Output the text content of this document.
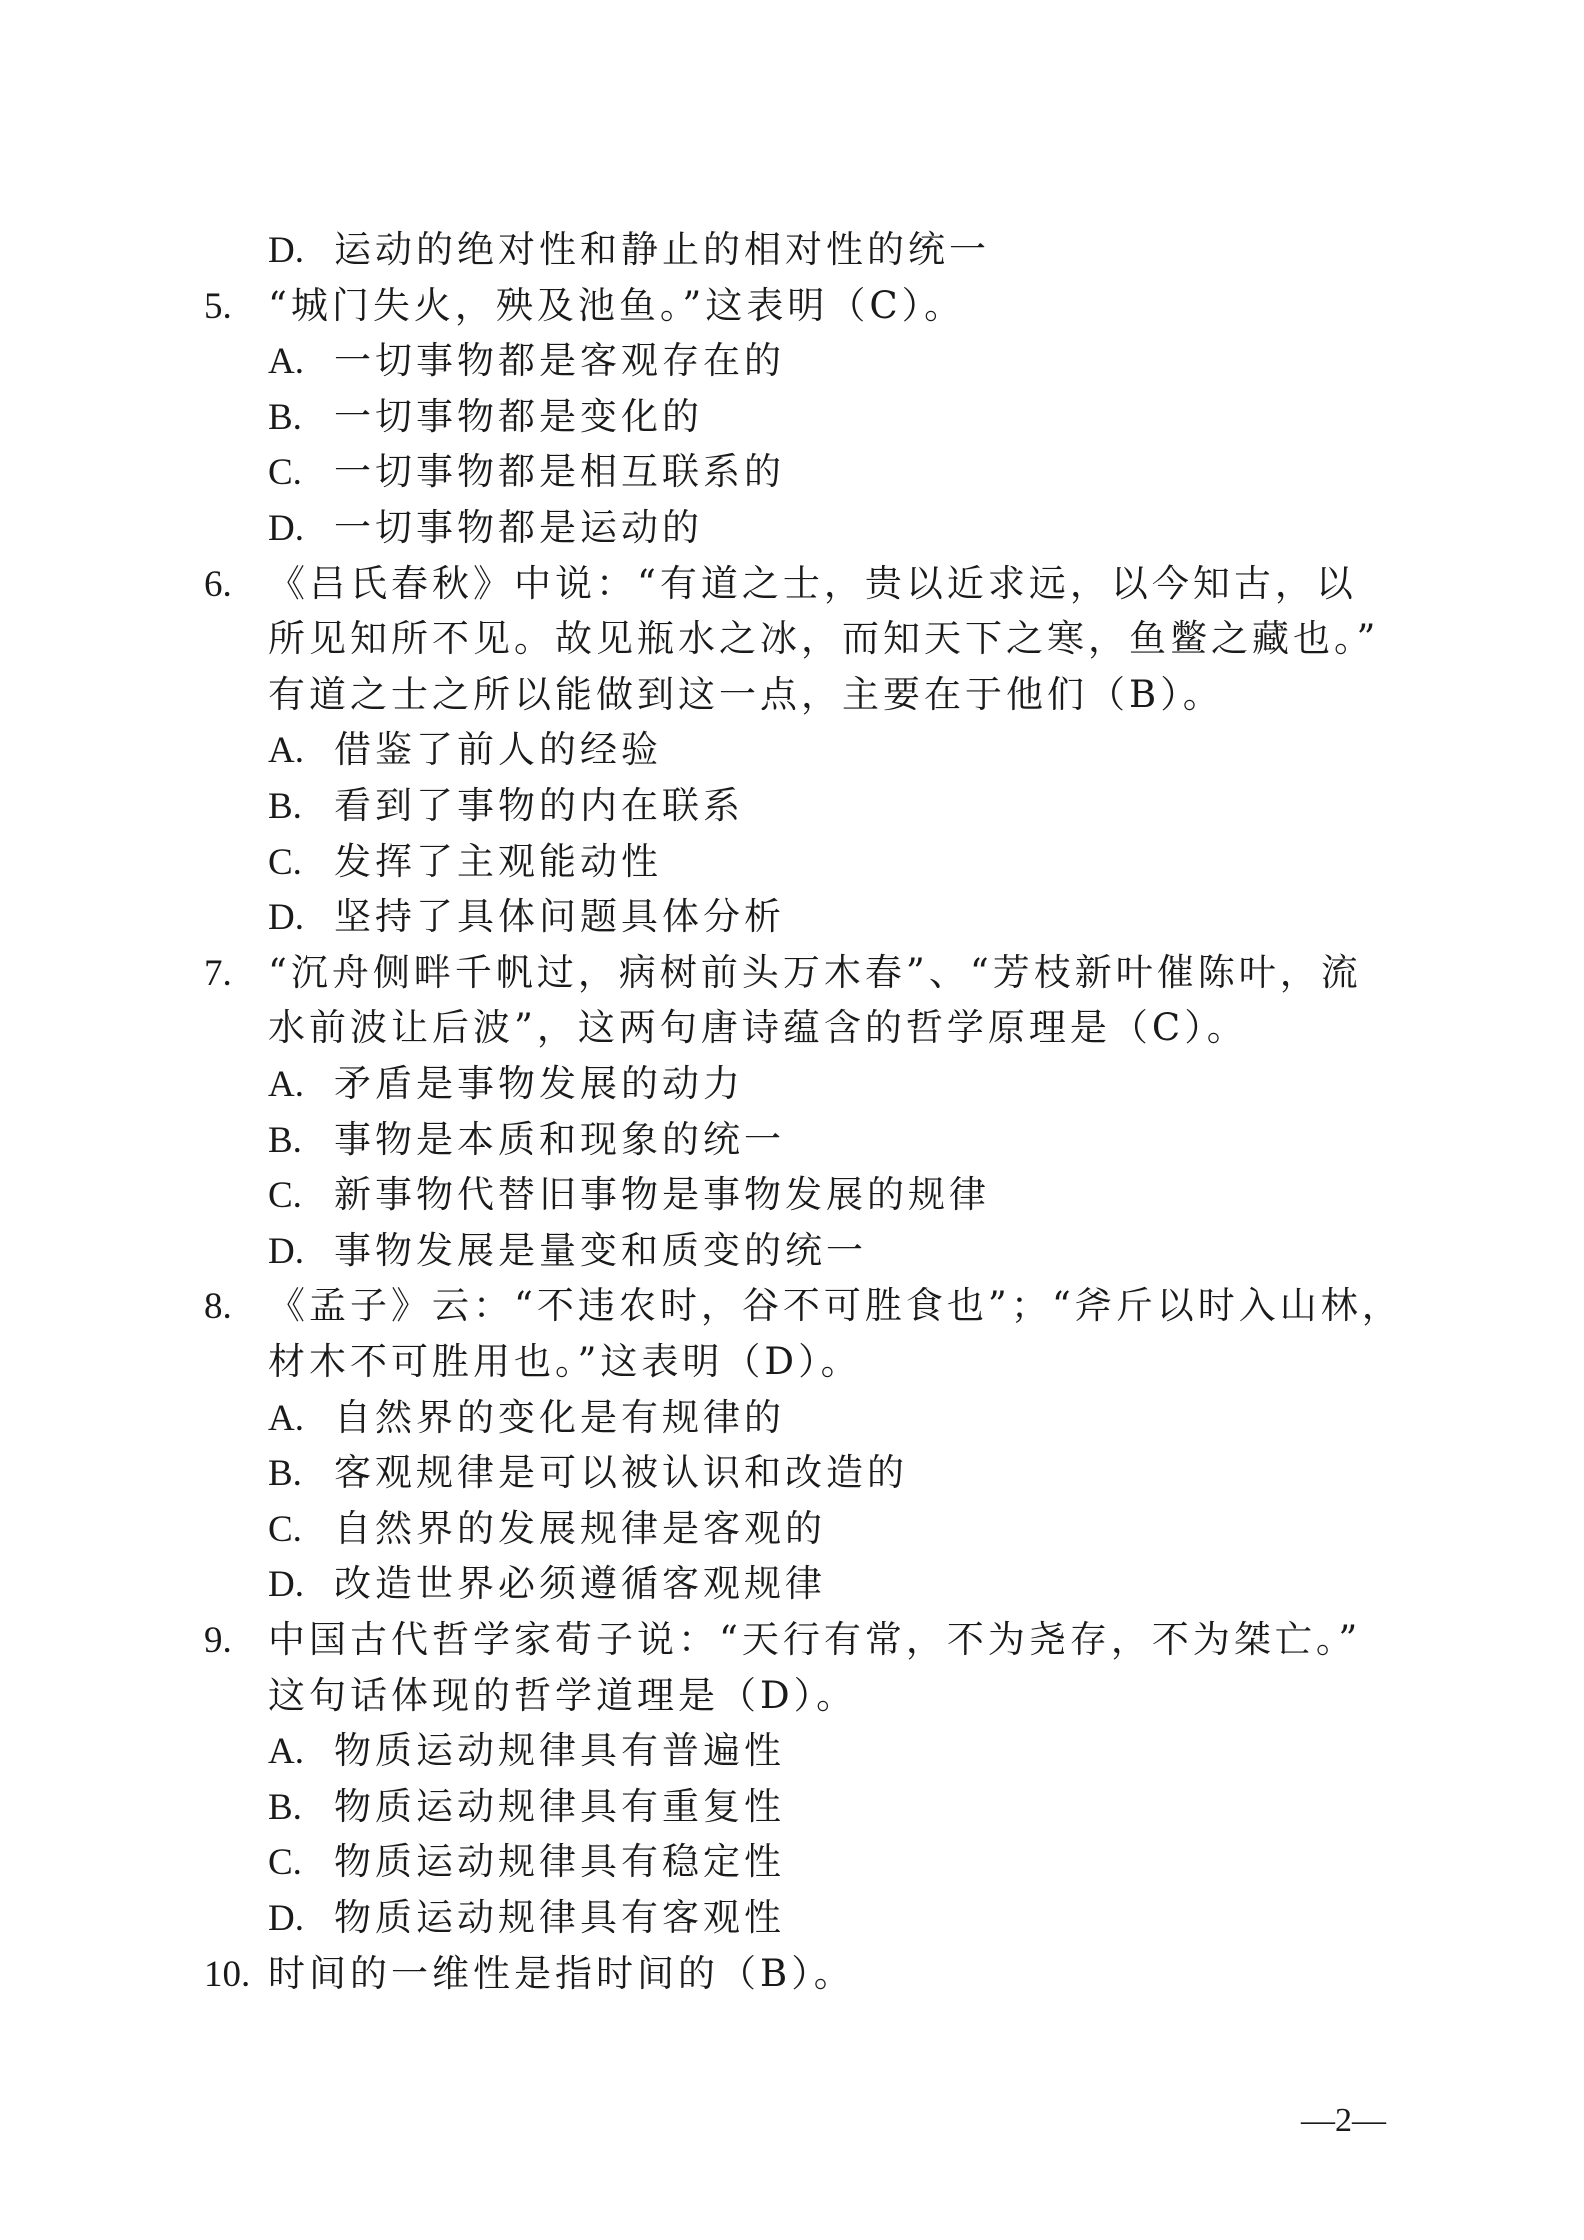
D. 运动的绝对性和静止的相对性的统一
5. “城门失火，殃及池鱼。”这表明（C）。
A. 一切事物都是客观存在的
B. 一切事物都是变化的
C. 一切事物都是相互联系的
D. 一切事物都是运动的
6. 《吕氏春秋》中说：“有道之士，贵以近求远，以今知古，以
所见知所不见。故见瓶水之冰，而知天下之寒，鱼鳖之藏也。”
有道之士之所以能做到这一点，主要在于他们（B）。
A. 借鉴了前人的经验
B. 看到了事物的内在联系
C. 发挥了主观能动性
D. 坚持了具体问题具体分析
7. “沉舟侧畔千帆过，病树前头万木春”、“芳枝新叶催陈叶，流
水前波让后波”，这两句唐诗蕴含的哲学原理是（C）。
A. 矛盾是事物发展的动力
B. 事物是本质和现象的统一
C. 新事物代替旧事物是事物发展的规律
D. 事物发展是量变和质变的统一
8. 《孟子》云：“不违农时，谷不可胜食也”；“斧斤以时入山林，
材木不可胜用也。”这表明（D）。
A. 自然界的变化是有规律的
B. 客观规律是可以被认识和改造的
C. 自然界的发展规律是客观的
D. 改造世界必须遵循客观规律
9. 中国古代哲学家荀子说：“天行有常，不为尧存，不为桀亡。”
这句话体现的哲学道理是（D）。
A. 物质运动规律具有普遍性
B. 物质运动规律具有重复性
C. 物质运动规律具有稳定性
D. 物质运动规律具有客观性
10. 时间的一维性是指时间的（B）。
—2—
